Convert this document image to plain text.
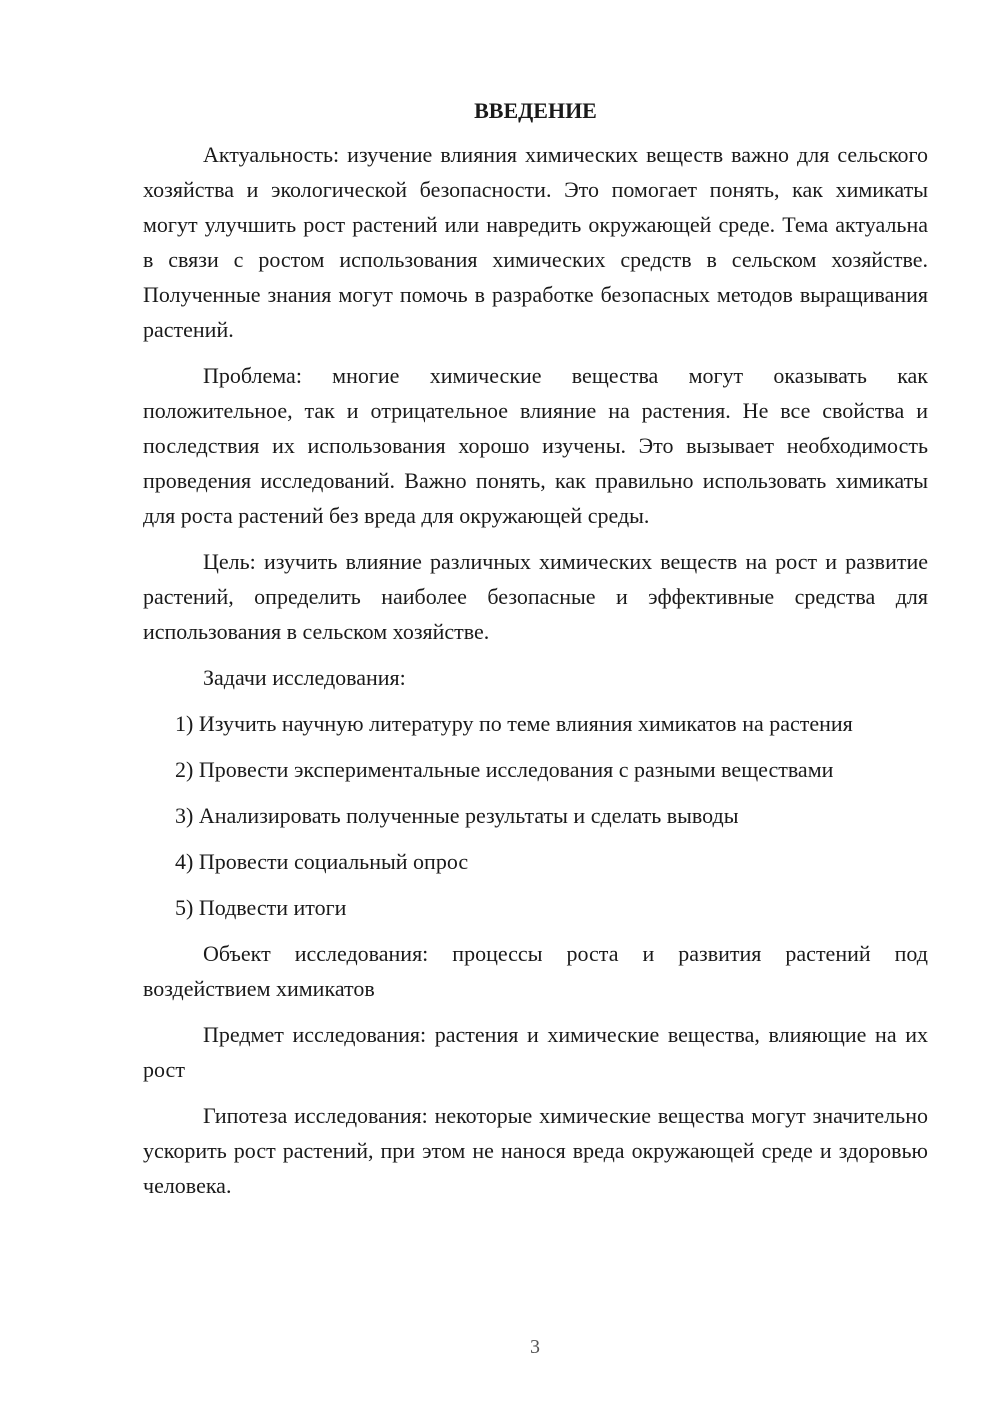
ВВЕДЕНИЕ

Актуальность: изучение влияния химических веществ важно для сельского хозяйства и экологической безопасности. Это помогает понять, как химикаты могут улучшить рост растений или навредить окружающей среде. Тема актуальна в связи с ростом использования химических средств в сельском хозяйстве. Полученные знания могут помочь в разработке безопасных методов выращивания растений.

Проблема: многие химические вещества могут оказывать как положительное, так и отрицательное влияние на растения. Не все свойства и последствия их использования хорошо изучены. Это вызывает необходимость проведения исследований. Важно понять, как правильно использовать химикаты для роста растений без вреда для окружающей среды.

Цель: изучить влияние различных химических веществ на рост и развитие растений, определить наиболее безопасные и эффективные средства для использования в сельском хозяйстве.

Задачи исследования:

1) Изучить научную литературу по теме влияния химикатов на растения

2) Провести экспериментальные исследования с разными веществами

3) Анализировать полученные результаты и сделать выводы

4) Провести социальный опрос

5) Подвести итоги

Объект исследования: процессы роста и развития растений под воздействием химикатов

Предмет исследования: растения и химические вещества, влияющие на их рост

Гипотеза исследования: некоторые химические вещества могут значительно ускорить рост растений, при этом не нанося вреда окружающей среде и здоровью человека.

3
